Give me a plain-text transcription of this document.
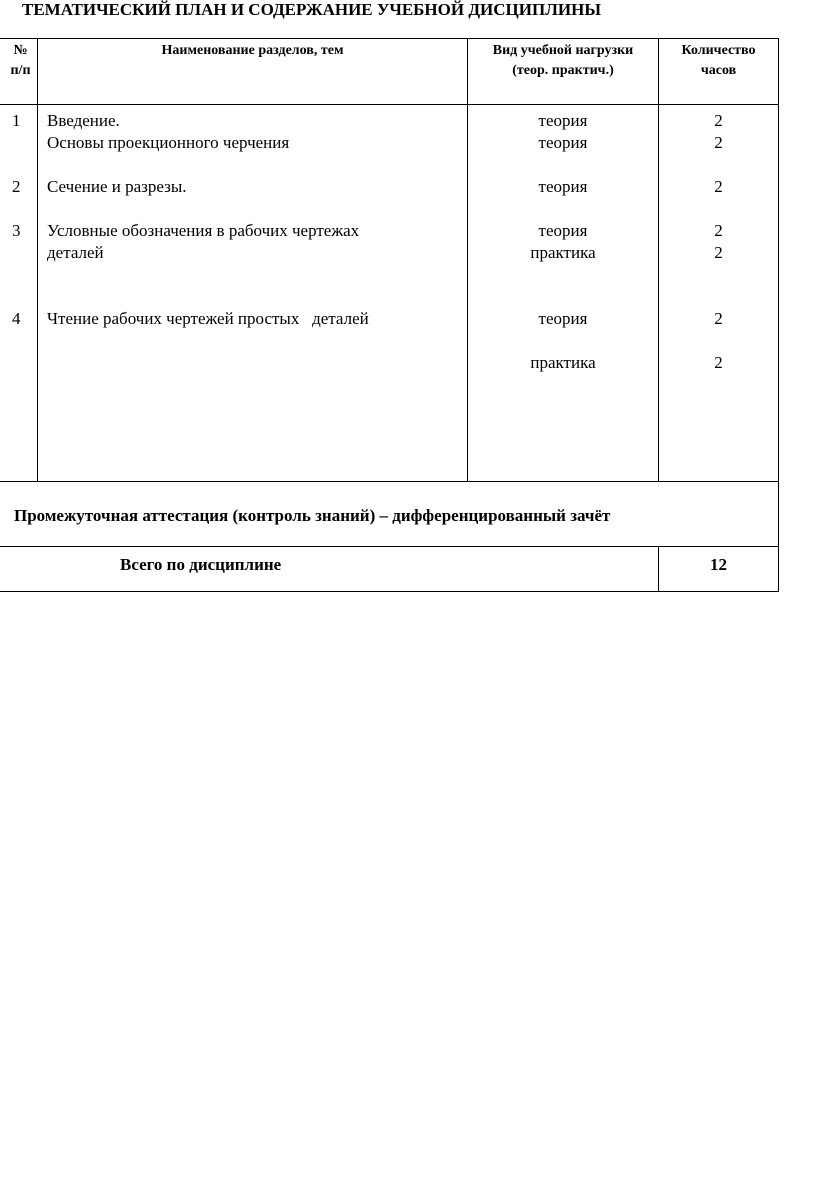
ТЕМАТИЧЕСКИЙ ПЛАН И СОДЕРЖАНИЕ УЧЕБНОЙ ДИСЦИПЛИНЫ
№
п/п
Наименование разделов, тем	Вид учебной нагрузки
(теор. практич.)
Количество
часов
1
2
3
4
Введение.
Основы проекционного черчения
Сечение и разрезы.
Условные обозначения в рабочих чертежах
деталей
Чтение рабочих чертежей простых   деталей
теория
теория
теория
теория
практика
теория
практика
2
2
2
2
2
2
2
Промежуточная аттестация (контроль знаний) – дифференцированный зачёт
Всего по дисциплине	12
